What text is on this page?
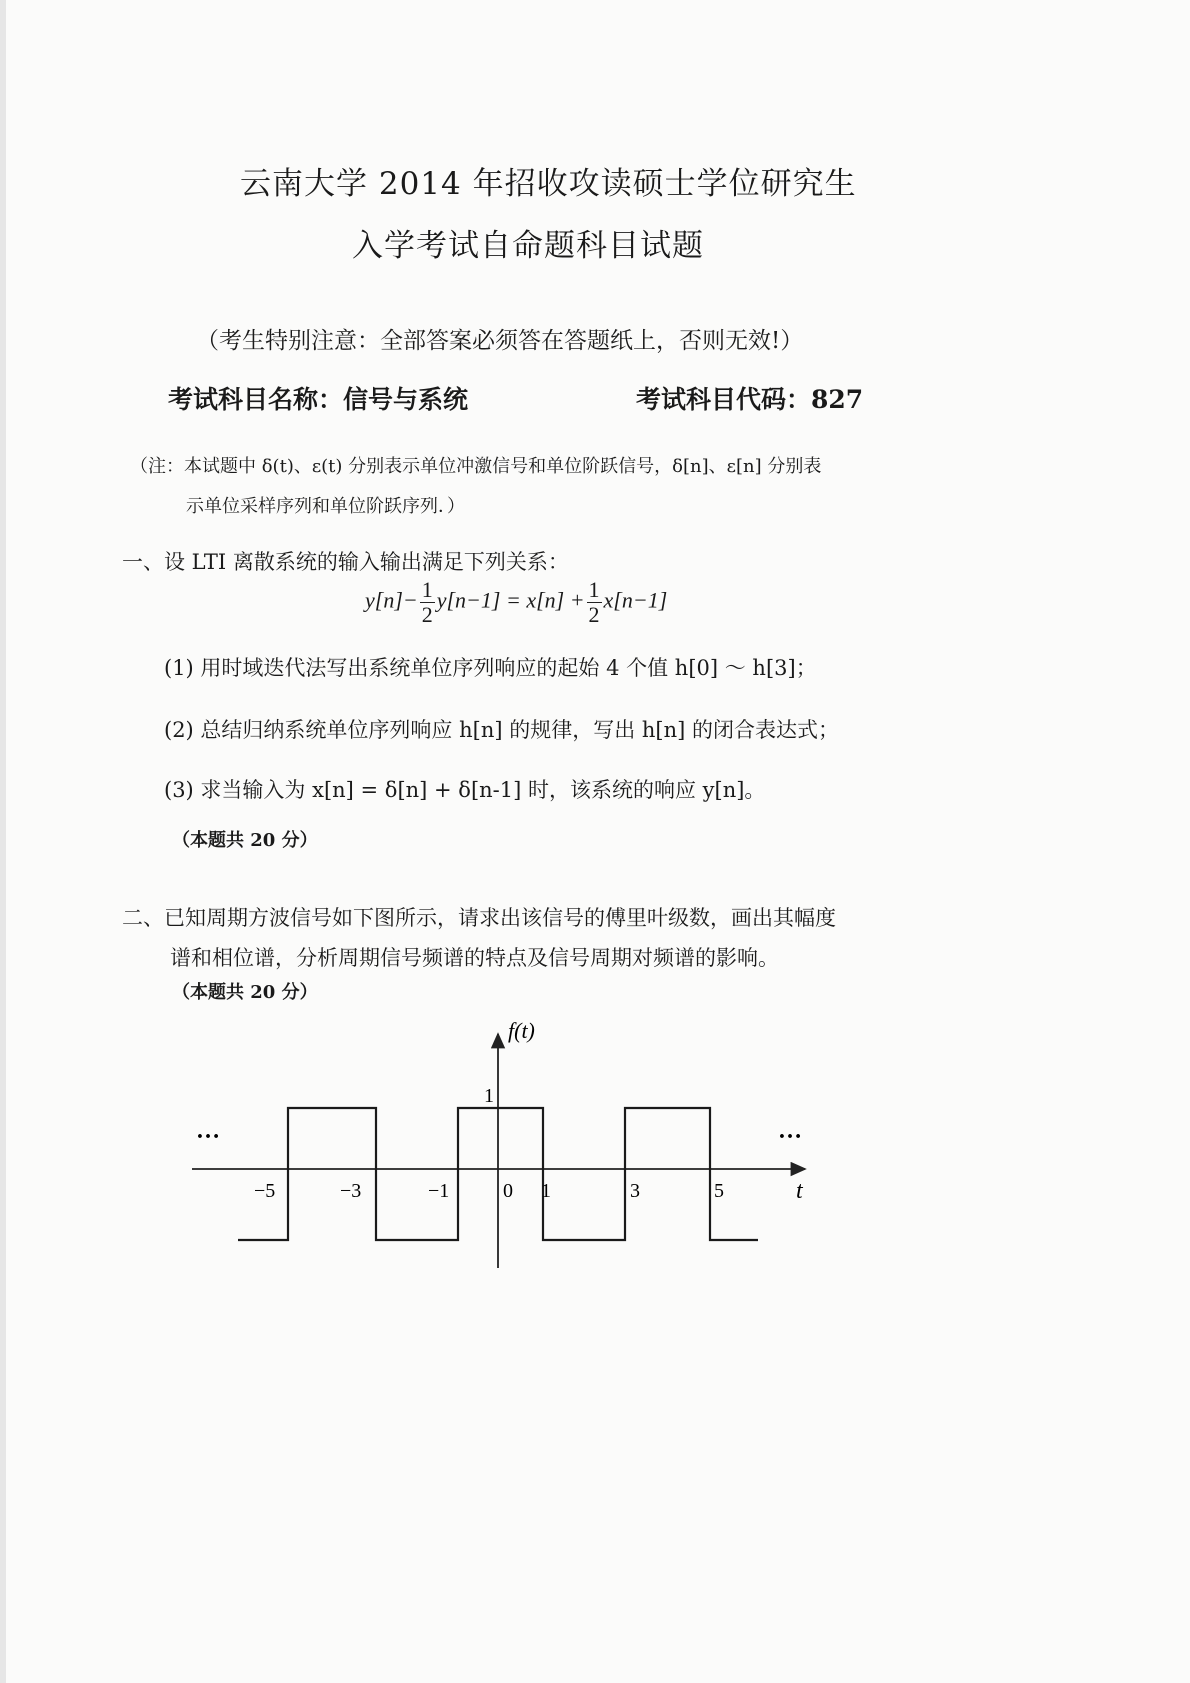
云南大学 2014 年招收攻读硕士学位研究生
入学考试自命题科目试题
（考生特别注意：全部答案必须答在答题纸上，否则无效!）
考试科目名称：信号与系统	考试科目代码：827
（注：本试题中 δ(t)、ε(t) 分别表示单位冲激信号和单位阶跃信号，δ[n]、ε[n] 分别表
示单位采样序列和单位阶跃序列．）
一、设 LTI 离散系统的输入输出满足下列关系：
$y[n]- \frac{1}{2} y[n-1] = x[n] + \frac{1}{2} x[n-1]$
(1) 用时域迭代法写出系统单位序列响应的起始 4 个值 h[0] ～ h[3]；
(2) 总结归纳系统单位序列响应 h[n] 的规律，写出 h[n] 的闭合表达式；
(3) 求当输入为 x[n] = δ[n] + δ[n-1] 时，该系统的响应 y[n]。
（本题共 20 分）
二、已知周期方波信号如下图所示，请求出该信号的傅里叶级数，画出其幅度
谱和相位谱，分析周期信号频谱的特点及信号周期对频谱的影响。
（本题共 20 分）
f(t)
t
1
0
−5	−3	−1	1	3	5
…	…
